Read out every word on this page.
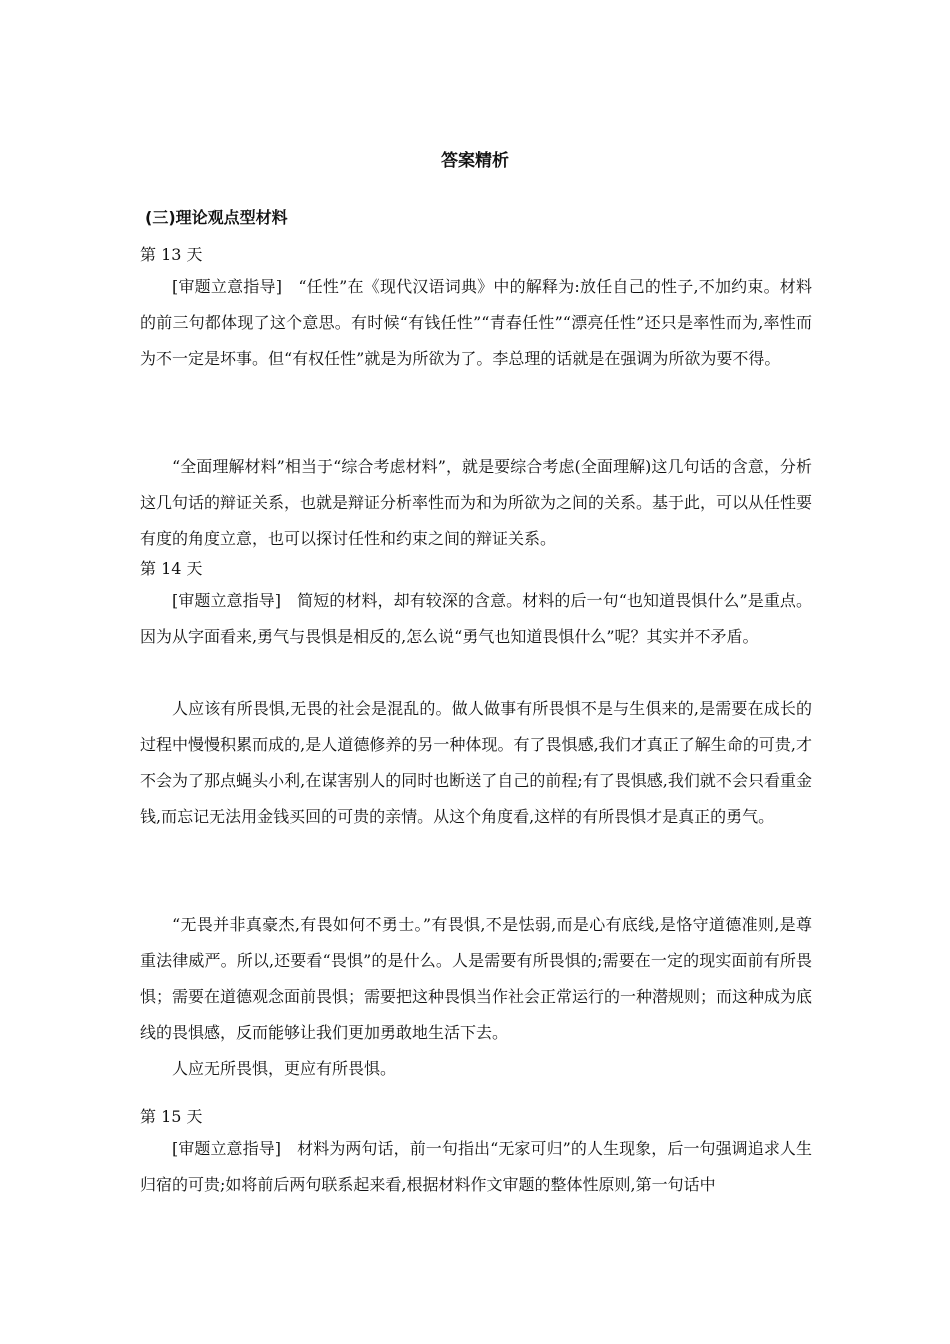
答案精析
(三)理论观点型材料
第 13 天

[审题立意指导]　“任性”在《现代汉语词典》中的解释为:放任自己的性子,不加约束。材料的前三句都体现了这个意思。有时候“有钱任性”“青春任性”“漂亮任性”还只是率性而为,率性而为不一定是坏事。但“有权任性”就是为所欲为了。李总理的话就是在强调为所欲为要不得。

“全面理解材料”相当于“综合考虑材料”，就是要综合考虑(全面理解)这几句话的含意，分析这几句话的辩证关系，也就是辩证分析率性而为和为所欲为之间的关系。基于此，可以从任性要有度的角度立意，也可以探讨任性和约束之间的辩证关系。

第 14 天

[审题立意指导]　简短的材料，却有较深的含意。材料的后一句“也知道畏惧什么”是重点。因为从字面看来,勇气与畏惧是相反的,怎么说“勇气也知道畏惧什么”呢？其实并不矛盾。

人应该有所畏惧,无畏的社会是混乱的。做人做事有所畏惧不是与生俱来的,是需要在成长的过程中慢慢积累而成的,是人道德修养的另一种体现。有了畏惧感,我们才真正了解生命的可贵,才不会为了那点蝇头小利,在谋害别人的同时也断送了自己的前程;有了畏惧感,我们就不会只看重金钱,而忘记无法用金钱买回的可贵的亲情。从这个角度看,这样的有所畏惧才是真正的勇气。

“无畏并非真豪杰,有畏如何不勇士。”有畏惧,不是怯弱,而是心有底线,是恪守道德准则,是尊重法律威严。所以,还要看“畏惧”的是什么。人是需要有所畏惧的;需要在一定的现实面前有所畏惧；需要在道德观念面前畏惧；需要把这种畏惧当作社会正常运行的一种潜规则；而这种成为底线的畏惧感，反而能够让我们更加勇敢地生活下去。

人应无所畏惧，更应有所畏惧。

第 15 天

[审题立意指导]　材料为两句话，前一句指出“无家可归”的人生现象，后一句强调追求人生归宿的可贵;如将前后两句联系起来看,根据材料作文审题的整体性原则,第一句话中
